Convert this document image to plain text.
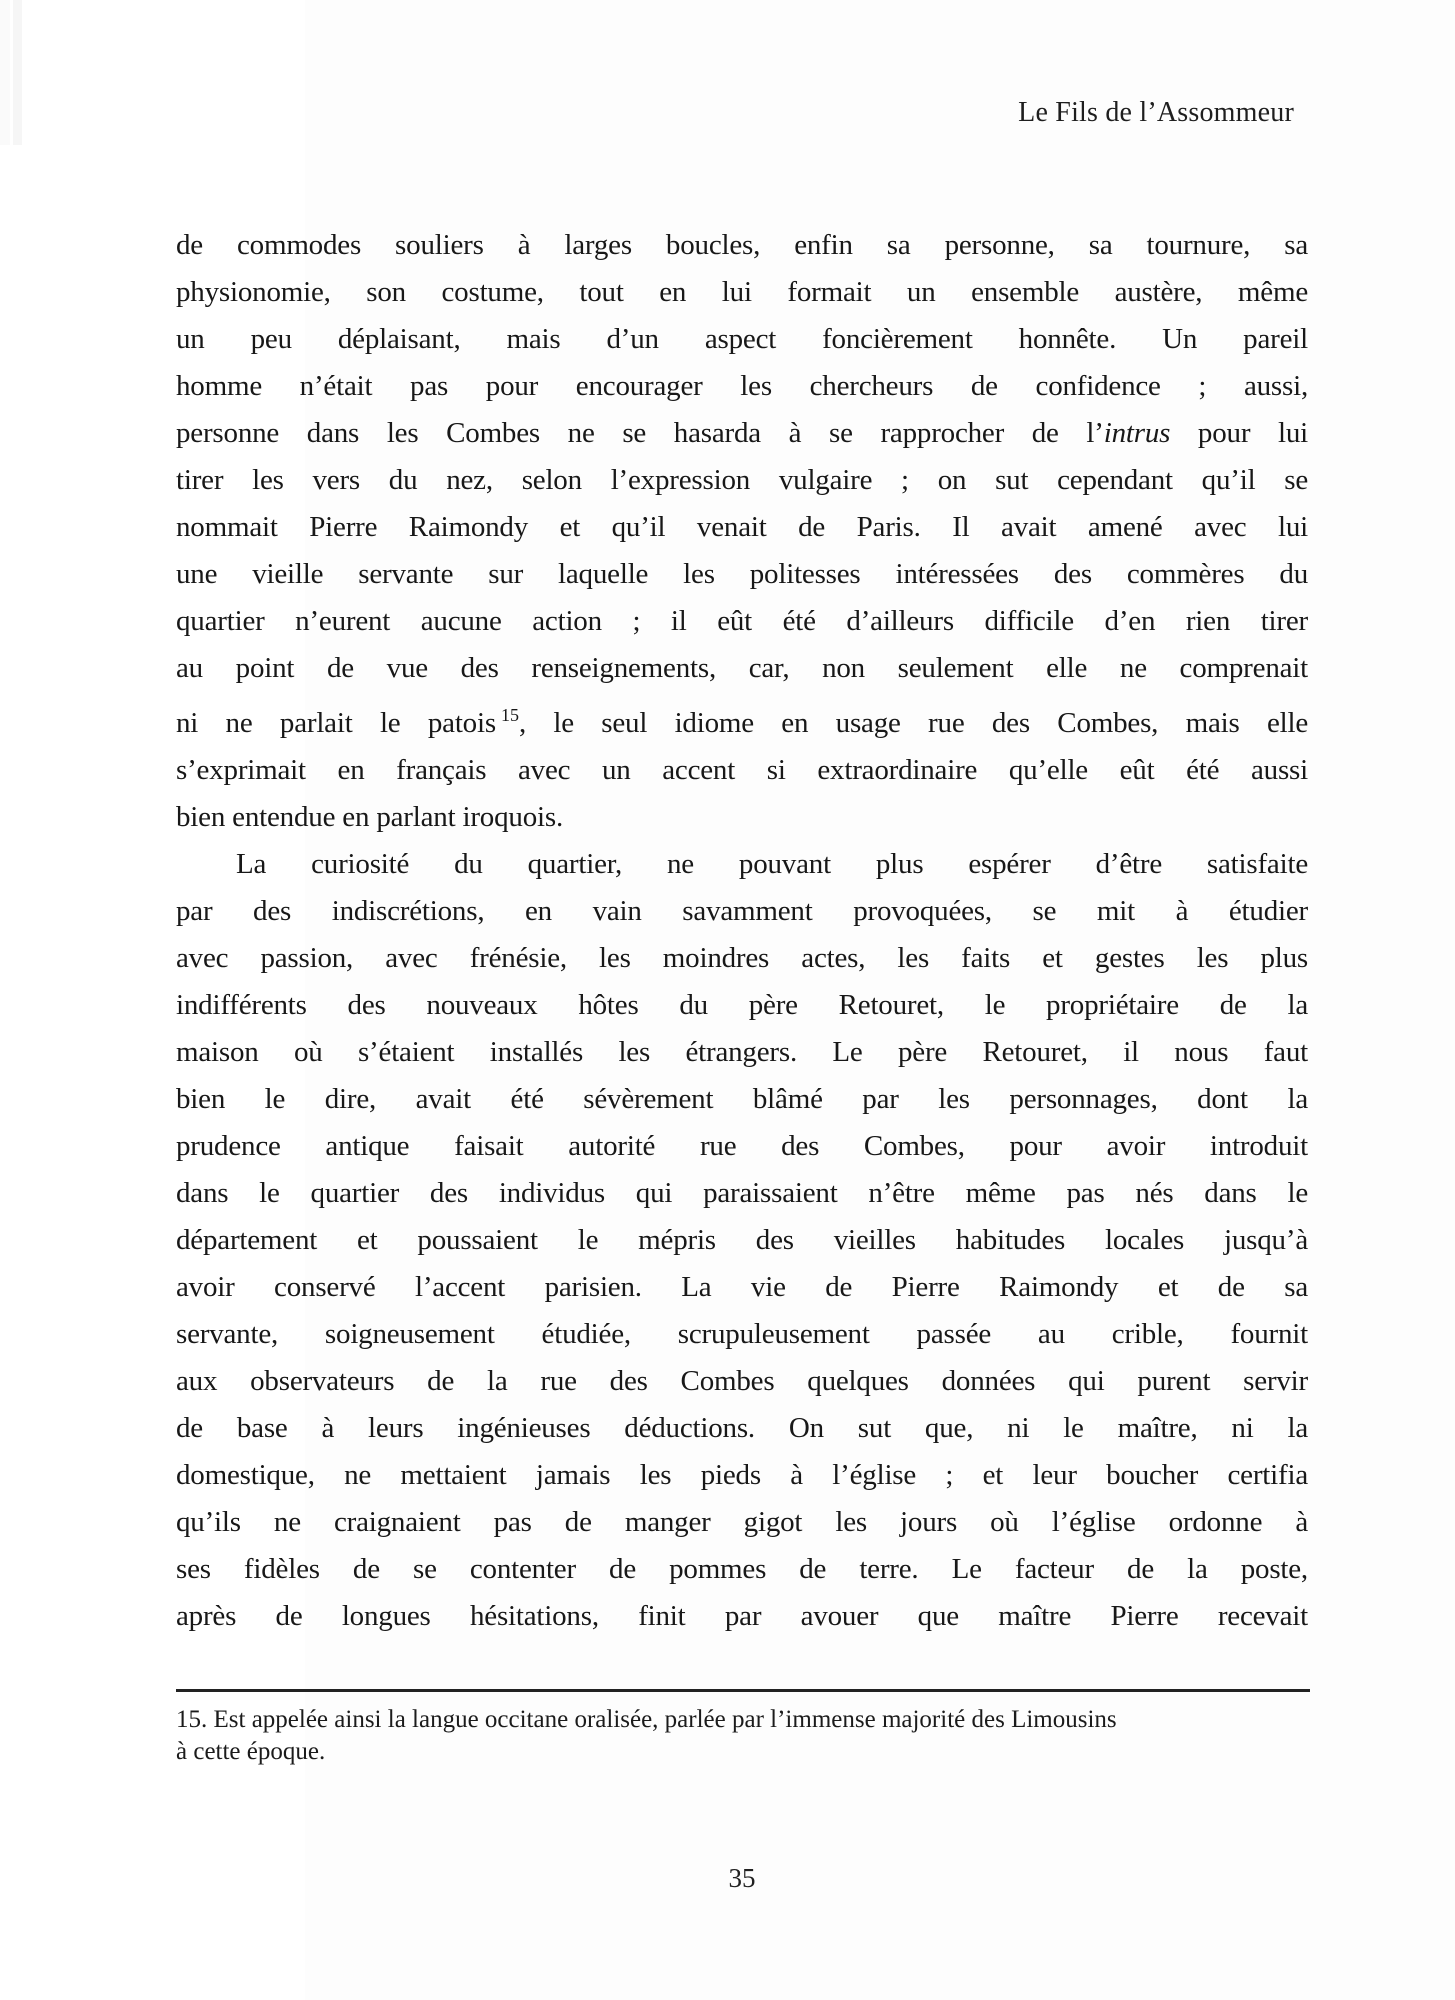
Le Fils de l’Assommeur
de commodes souliers à larges boucles, enfin sa personne, sa tournure, sa
physionomie, son costume, tout en lui formait un ensemble austère, même
un peu déplaisant, mais d’un aspect foncièrement honnête. Un pareil
homme n’était pas pour encourager les chercheurs de confidence ; aussi,
personne dans les Combes ne se hasarda à se rapprocher de l’intrus pour lui
tirer les vers du nez, selon l’expression vulgaire ; on sut cependant qu’il se
nommait Pierre Raimondy et qu’il venait de Paris. Il avait amené avec lui
une vieille servante sur laquelle les politesses intéressées des commères du
quartier n’eurent aucune action ; il eût été d’ailleurs difficile d’en rien tirer
au point de vue des renseignements, car, non seulement elle ne comprenait
ni ne parlait le patois $^{15}$, le seul idiome en usage rue des Combes, mais elle
s’exprimait en français avec un accent si extraordinaire qu’elle eût été aussi
bien entendue en parlant iroquois.
La curiosité du quartier, ne pouvant plus espérer d’être satisfaite
par des indiscrétions, en vain savamment provoquées, se mit à étudier
avec passion, avec frénésie, les moindres actes, les faits et gestes les plus
indifférents des nouveaux hôtes du père Retouret, le propriétaire de la
maison où s’étaient installés les étrangers. Le père Retouret, il nous faut
bien le dire, avait été sévèrement blâmé par les personnages, dont la
prudence antique faisait autorité rue des Combes, pour avoir introduit
dans le quartier des individus qui paraissaient n’être même pas nés dans le
département et poussaient le mépris des vieilles habitudes locales jusqu’à
avoir conservé l’accent parisien. La vie de Pierre Raimondy et de sa
servante, soigneusement étudiée, scrupuleusement passée au crible, fournit
aux observateurs de la rue des Combes quelques données qui purent servir
de base à leurs ingénieuses déductions. On sut que, ni le maître, ni la
domestique, ne mettaient jamais les pieds à l’église ; et leur boucher certifia
qu’ils ne craignaient pas de manger gigot les jours où l’église ordonne à
ses fidèles de se contenter de pommes de terre. Le facteur de la poste,
après de longues hésitations, finit par avouer que maître Pierre recevait
15. Est appelée ainsi la langue occitane oralisée, parlée par l’immense majorité des Limousins
à cette époque.
35
